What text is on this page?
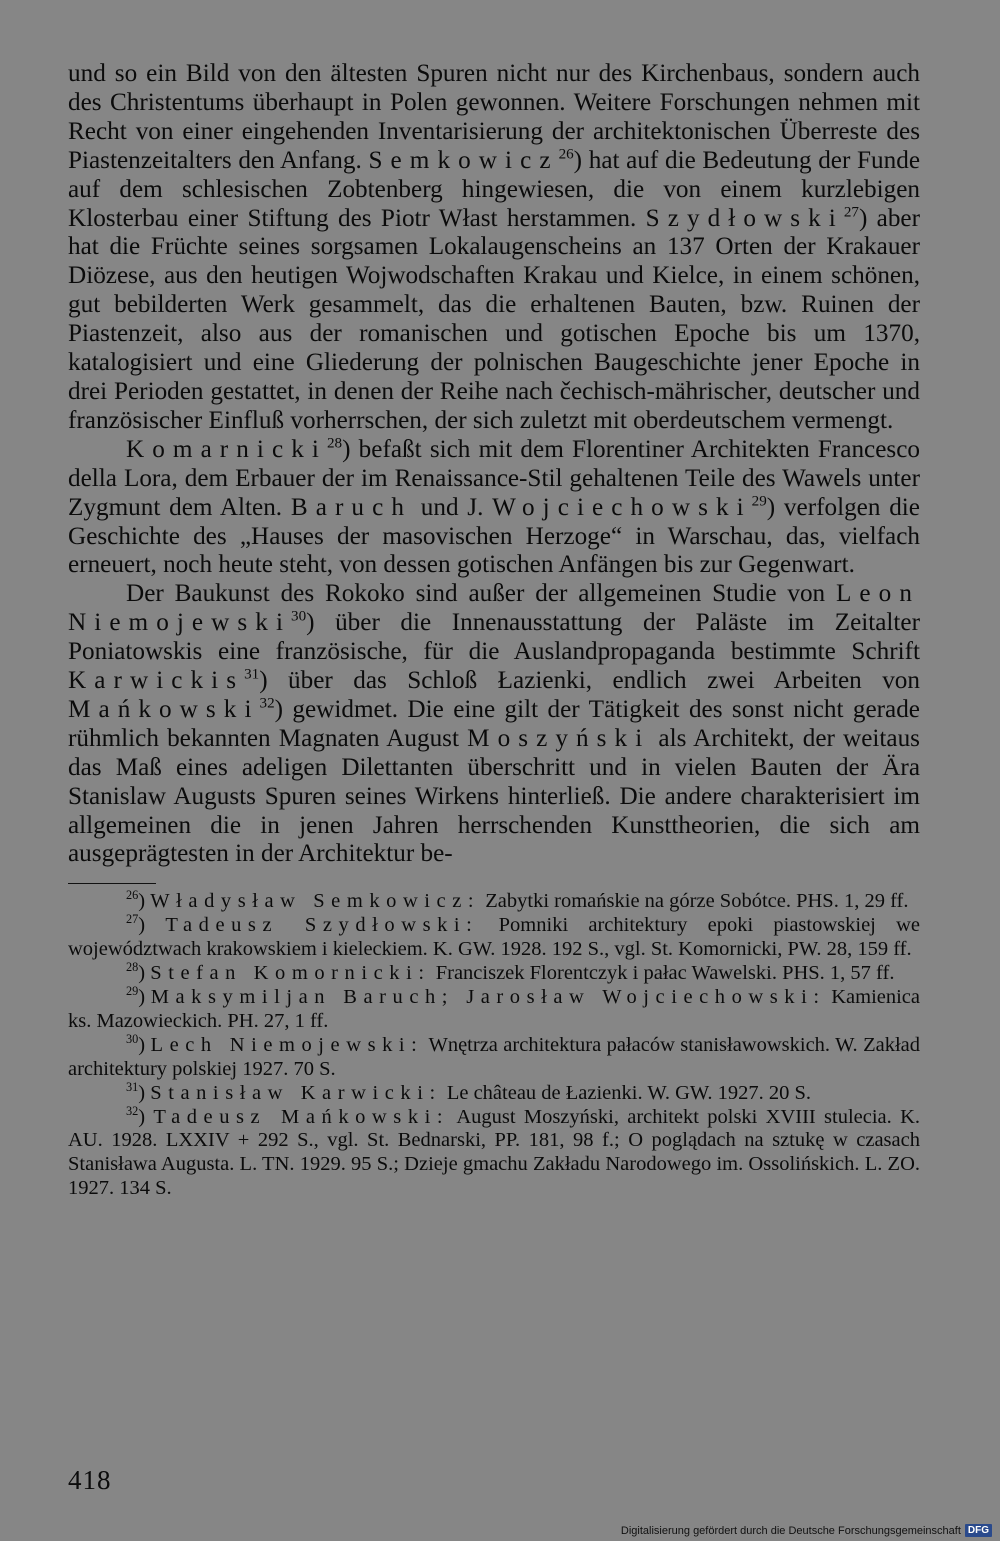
und so ein Bild von den ältesten Spuren nicht nur des Kirchenbaus, sondern auch des Christentums überhaupt in Polen gewonnen. Weitere Forschungen nehmen mit Recht von einer eingehenden Inventarisierung der architektonischen Überreste des Piastenzeitalters den Anfang. Semkowicz$^{26}$) hat auf die Bedeutung der Funde auf dem schlesischen Zobtenberg hingewiesen, die von einem kurzlebigen Klosterbau einer Stiftung des Piotr Włast herstammen. Szydłowski$^{27}$) aber hat die Früchte seines sorgsamen Lokalaugenscheins an 137 Orten der Krakauer Diözese, aus den heutigen Wojwodschaften Krakau und Kielce, in einem schönen, gut bebilderten Werk gesammelt, das die erhaltenen Bauten, bzw. Ruinen der Piastenzeit, also aus der romanischen und gotischen Epoche bis um 1370, katalogisiert und eine Gliederung der polnischen Baugeschichte jener Epoche in drei Perioden gestattet, in denen der Reihe nach čechisch-mährischer, deutscher und französischer Einfluß vorherrschen, der sich zuletzt mit oberdeutschem vermengt.

Komarnicki$^{28}$) befaßt sich mit dem Florentiner Architekten Francesco della Lora, dem Erbauer der im Renaissance-Stil gehaltenen Teile des Wawels unter Zygmunt dem Alten. Baruch und J. Wojciechowski$^{29}$) verfolgen die Geschichte des „Hauses der masovischen Herzoge“ in Warschau, das, vielfach erneuert, noch heute steht, von dessen gotischen Anfängen bis zur Gegenwart.

Der Baukunst des Rokoko sind außer der allgemeinen Studie von Leon Niemojewski$^{30}$) über die Innenausstattung der Paläste im Zeitalter Poniatowskis eine französische, für die Auslandpropaganda bestimmte Schrift Karwickis$^{31}$) über das Schloß Łazienki, endlich zwei Arbeiten von Mańkowski$^{32}$) gewidmet. Die eine gilt der Tätigkeit des sonst nicht gerade rühmlich bekannten Magnaten August Moszyński als Architekt, der weitaus das Maß eines adeligen Dilettanten überschritt und in vielen Bauten der Ära Stanislaw Augusts Spuren seines Wirkens hinterließ. Die andere charakterisiert im allgemeinen die in jenen Jahren herrschenden Kunsttheorien, die sich am ausgeprägtesten in der Architektur be-

$^{26}$) Władysław Semkowicz: Zabytki romańskie na górze Sobótce. PHS. 1, 29 ff.

$^{27}$) Tadeusz Szydłowski: Pomniki architektury epoki piastowskiej we województwach krakowskiem i kieleckiem. K. GW. 1928. 192 S., vgl. St. Komornicki, PW. 28, 159 ff.

$^{28}$) Stefan Komornicki: Franciszek Florentczyk i pałac Wawelski. PHS. 1, 57 ff.

$^{29}$) Maksymiljan Baruch; Jarosław Wojciechowski: Kamienica ks. Mazowieckich. PH. 27, 1 ff.

$^{30}$) Lech Niemojewski: Wnętrza architektura pałaców stanisławowskich. W. Zakład architektury polskiej 1927. 70 S.

$^{31}$) Stanisław Karwicki: Le château de Łazienki. W. GW. 1927. 20 S.

$^{32}$) Tadeusz Mańkowski: August Moszyński, architekt polski XVIII stulecia. K. AU. 1928. LXXIV + 292 S., vgl. St. Bednarski, PP. 181, 98 f.; O poglądach na sztukę w czasach Stanisława Augusta. L. TN. 1929. 95 S.; Dzieje gmachu Zakładu Narodowego im. Ossolińskich. L. ZO. 1927. 134 S.

418
Digitalisierung gefördert durch die Deutsche Forschungsgemeinschaft DFG
